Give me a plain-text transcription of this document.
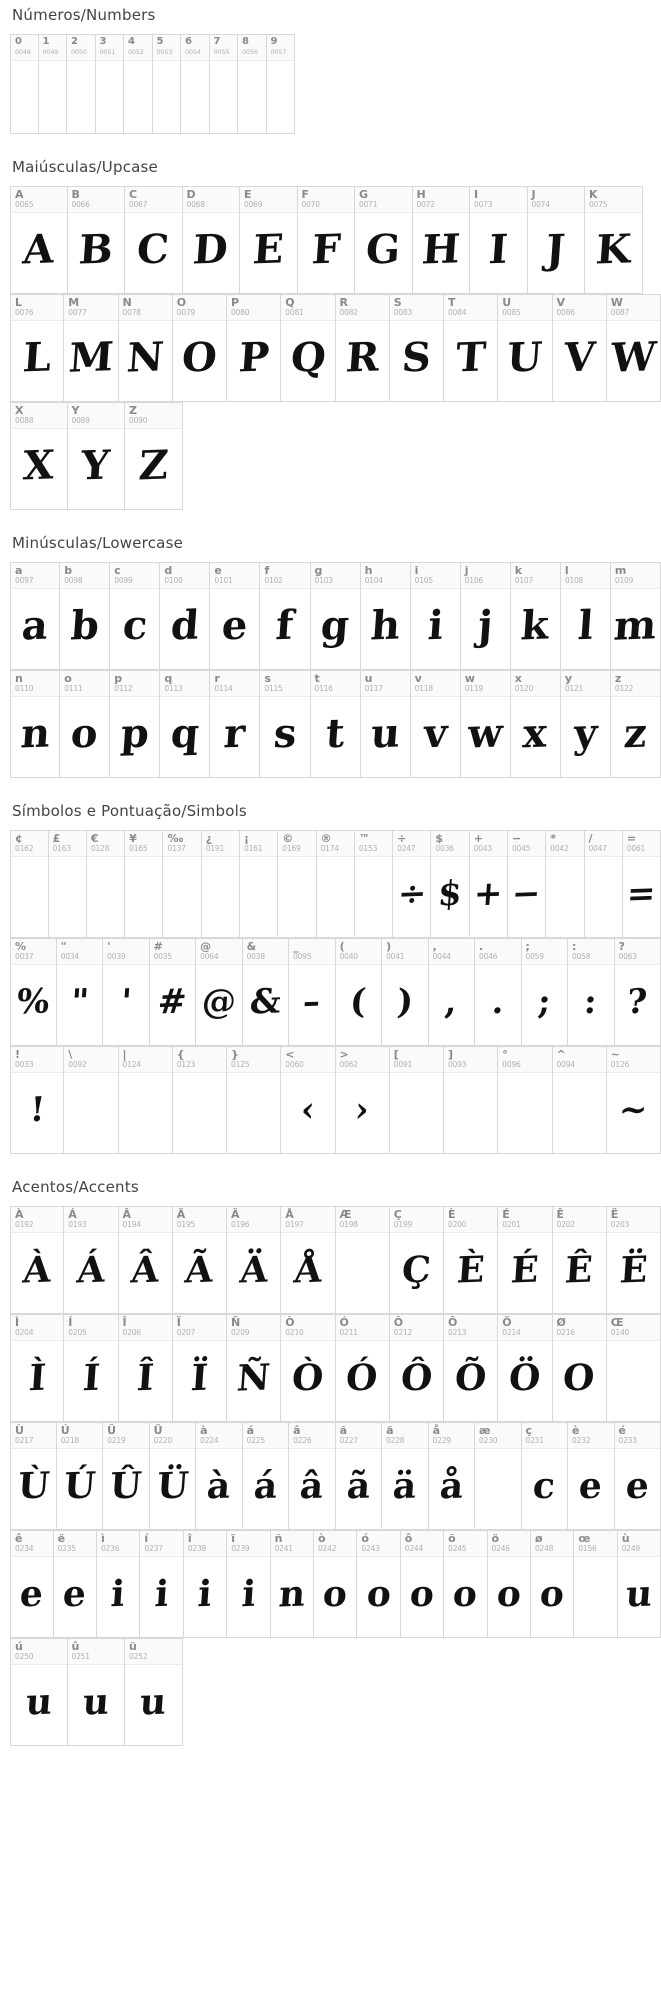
Números/Numbers
0
0048
1
0049
2
0050
3
0051
4
0052
5
0053
6
0054
7
0055
8
0056
9
0057
Maiúsculas/Upcase
A
0065
A
B
0066
B
C
0067
C
D
0068
D
E
0069
E
F
0070
F
G
0071
G
H
0072
H
I
0073
I
J
0074
J
K
0075
K
L
0076
L
M
0077
M
N
0078
N
O
0079
O
P
0080
P
Q
0081
Q
R
0082
R
S
0083
S
T
0084
T
U
0085
U
V
0086
V
W
0087
W
X
0088
X
Y
0089
Y
Z
0090
Z
Minúsculas/Lowercase
a
0097
a
b
0098
b
c
0099
c
d
0100
d
e
0101
e
f
0102
f
g
0103
g
h
0104
h
i
0105
i
j
0106
j
k
0107
k
l
0108
l
m
0109
m
n
0110
n
o
0111
o
p
0112
p
q
0113
q
r
0114
r
s
0115
s
t
0116
t
u
0117
u
v
0118
v
w
0119
w
x
0120
x
y
0121
y
z
0122
z
Símbolos e Pontuação/Simbols
¢
0162
£
0163
€
0128
¥
0165
‰
0137
¿
0191
¡
0161
©
0169
®
0174
™
0153
÷
0247
÷
$
0036
$
+
0043
+
−
0045
−
*
0042
/
0047
=
0061
=
%
0037
%
"
0034
"
'
0039
'
#
0035
#
@
0064
@
&
0038
&
_
0095
–
(
0040
(
)
0041
)
,
0044
,
.
0046
.
;
0059
;
:
0058
:
?
0063
?
!
0033
!
\
0092
|
0124
{
0123
}
0125
<
0060
‹
>
0062
›
[
0091
]
0093
°
0096
^
0094
~
0126
~
Acentos/Accents
À
0192
À
Á
0193
Á
Â
0194
Â
Ã
0195
Ã
Ä
0196
Ä
Å
0197
Å
Æ
0198
Ç
0199
Ç
È
0200
È
É
0201
É
Ê
0202
Ê
Ë
0203
Ë
Ì
0204
Ì
Í
0205
Í
Î
0206
Î
Ï
0207
Ï
Ñ
0209
Ñ
Ò
0210
Ò
Ó
0211
Ó
Ô
0212
Ô
Õ
0213
Õ
Ö
0214
Ö
Ø
0216
O
Œ
0140
Ù
0217
Ù
Ú
0218
Ú
Û
0219
Û
Ü
0220
Ü
à
0224
à
á
0225
á
â
0226
â
ã
0227
ã
ä
0228
ä
å
0229
å
æ
0230
ç
0231
c
è
0232
e
é
0233
e
ê
0234
e
ë
0235
e
ì
0236
i
í
0237
i
î
0238
i
ï
0239
i
ñ
0241
n
ò
0242
o
ó
0243
o
ô
0244
o
õ
0245
o
ö
0246
o
ø
0248
o
œ
0156
ù
0249
u
ú
0250
u
û
0251
u
ü
0252
u
